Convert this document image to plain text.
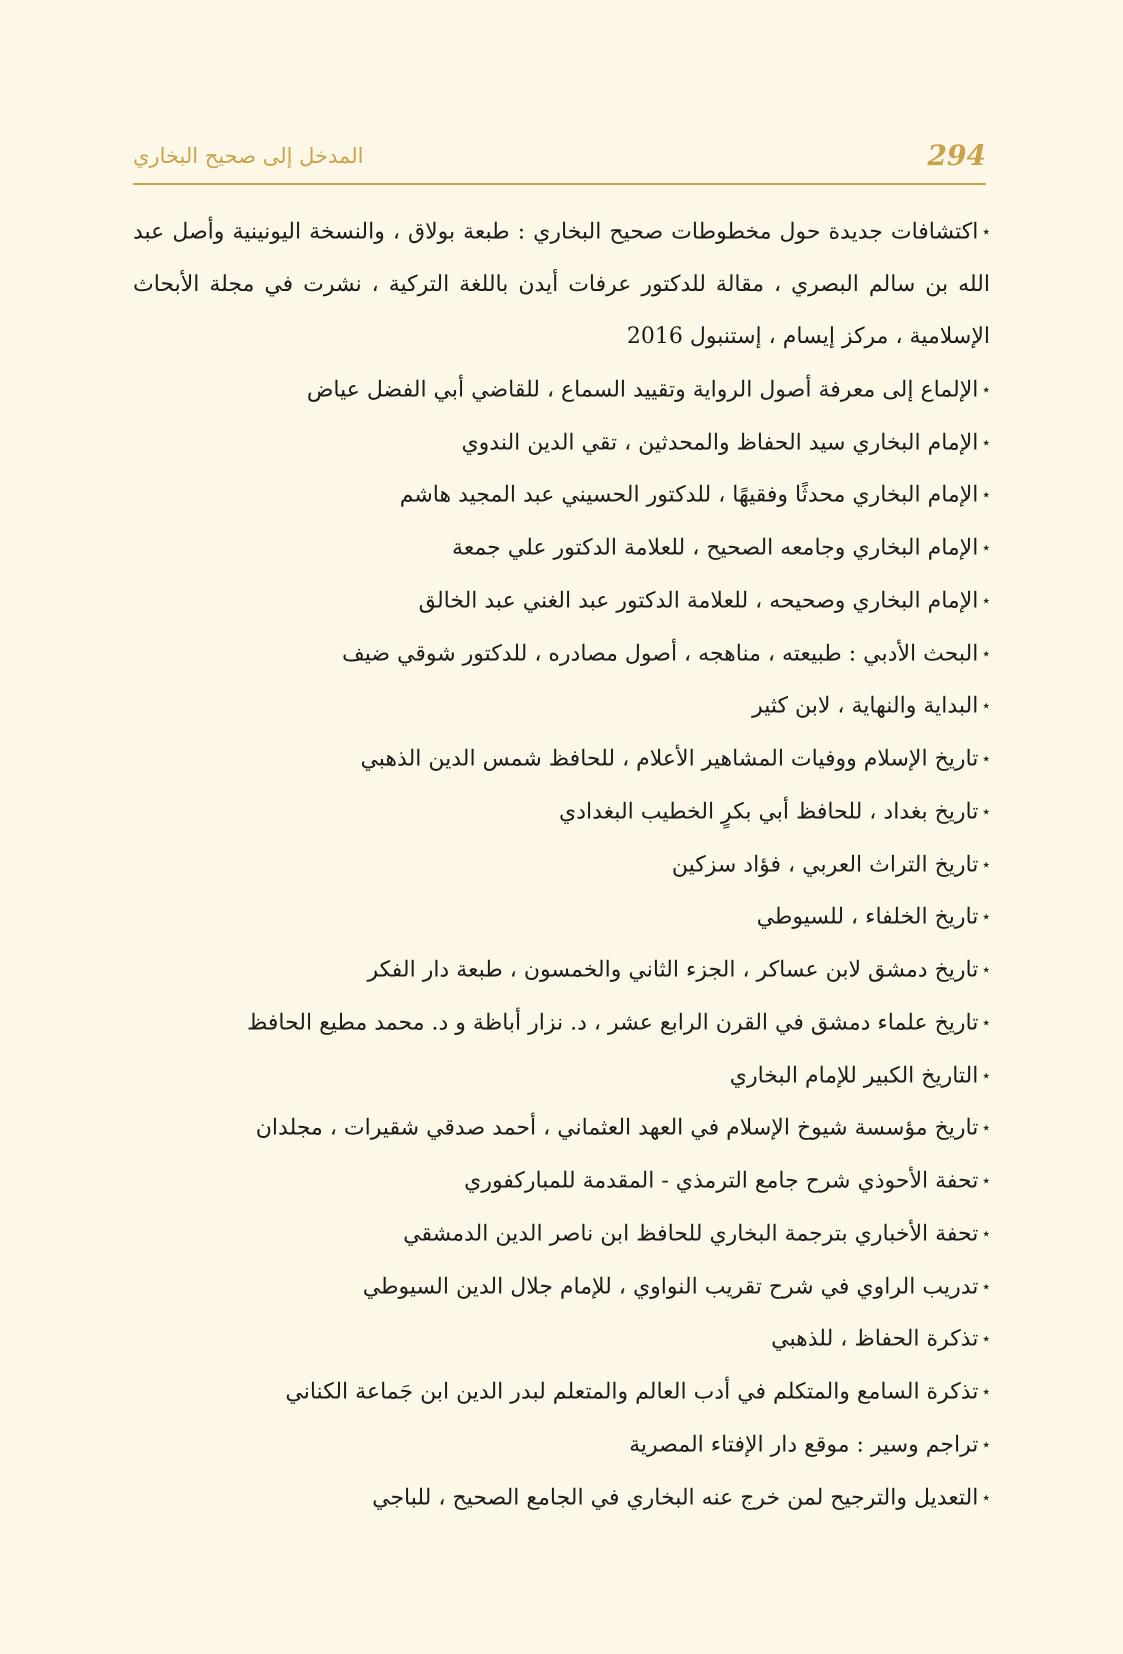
294
المدخل إلى صحيح البخاري
٭اكتشافات جديدة حول مخطوطات صحيح البخاري : طبعة بولاق ، والنسخة اليونينية وأصل عبد الله بن سالم البصري ، مقالة للدكتور عرفات أيدن باللغة التركية ، نشرت في مجلة الأبحاث الإسلامية ، مركز إيسام ، إستنبول 2016
٭الإلماع إلى معرفة أصول الرواية وتقييد السماع ، للقاضي أبي الفضل عياض
٭الإمام البخاري سيد الحفاظ والمحدثين ، تقي الدين الندوي
٭الإمام البخاري محدثًا وفقيهًا ، للدكتور الحسيني عبد المجيد هاشم
٭الإمام البخاري وجامعه الصحيح ، للعلامة الدكتور علي جمعة
٭الإمام البخاري وصحيحه ، للعلامة الدكتور عبد الغني عبد الخالق
٭البحث الأدبي : طبيعته ، مناهجه ، أصول مصادره ، للدكتور شوقي ضيف
٭البداية والنهاية ، لابن كثير
٭تاريخ الإسلام ووفيات المشاهير الأعلام ، للحافظ شمس الدين الذهبي
٭تاريخ بغداد ، للحافظ أبي بكرٍ الخطيب البغدادي
٭تاريخ التراث العربي ، فؤاد سزكين
٭تاريخ الخلفاء ، للسيوطي
٭تاريخ دمشق لابن عساكر ، الجزء الثاني والخمسون ، طبعة دار الفكر
٭تاريخ علماء دمشق في القرن الرابع عشر ، د. نزار أباظة و د. محمد مطيع الحافظ
٭التاريخ الكبير للإمام البخاري
٭تاريخ مؤسسة شيوخ الإسلام في العهد العثماني ، أحمد صدقي شقيرات ، مجلدان
٭تحفة الأحوذي شرح جامع الترمذي - المقدمة للمباركفوري
٭تحفة الأخباري بترجمة البخاري للحافظ ابن ناصر الدين الدمشقي
٭تدريب الراوي في شرح تقريب النواوي ، للإمام جلال الدين السيوطي
٭تذكرة الحفاظ ، للذهبي
٭تذكرة السامع والمتكلم في أدب العالم والمتعلم لبدر الدين ابن جَماعة الكناني
٭تراجم وسير : موقع دار الإفتاء المصرية
٭التعديل والترجيح لمن خرج عنه البخاري في الجامع الصحيح ، للباجي
